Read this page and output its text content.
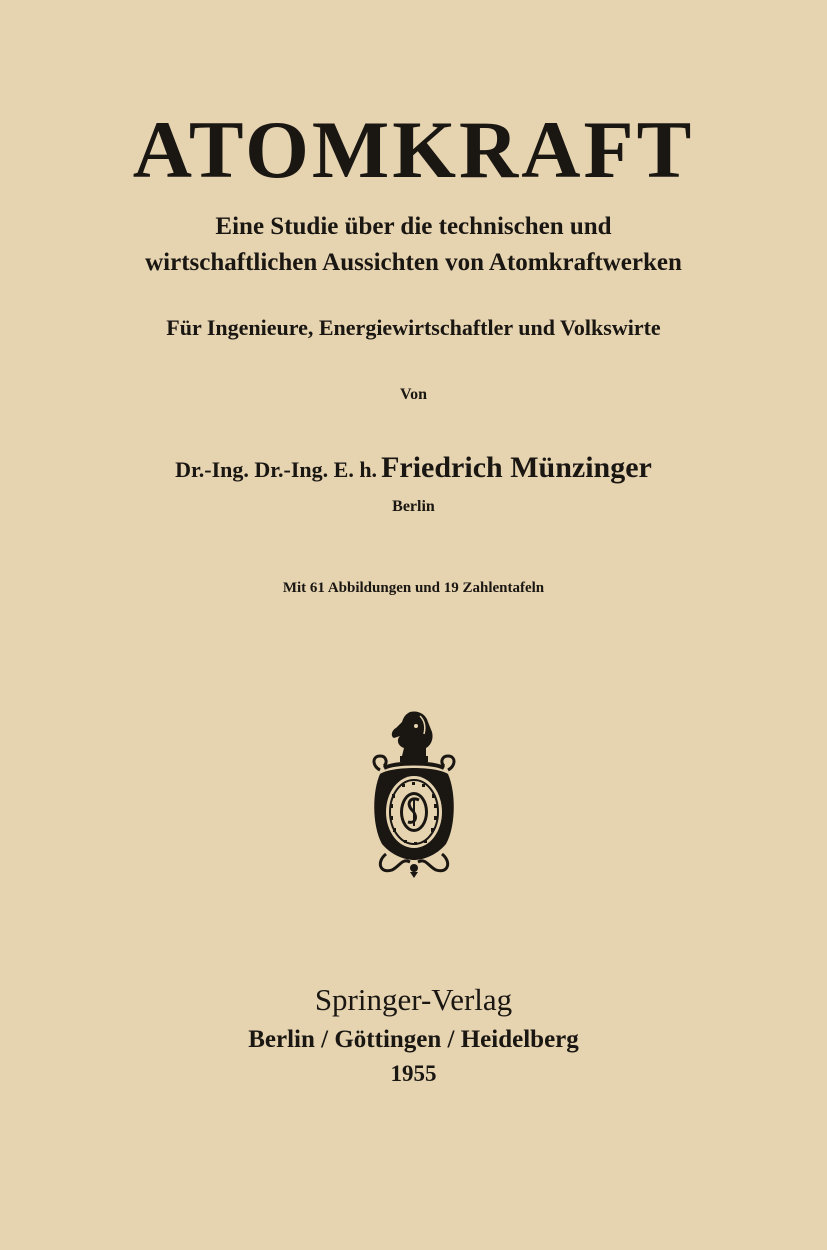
ATOMKRAFT
Eine Studie über die technischen und
wirtschaftlichen Aussichten von Atomkraftwerken
Für Ingenieure, Energiewirtschaftler und Volkswirte
Von
Dr.-Ing. Dr.-Ing. E. h. Friedrich Münzinger
Berlin
Mit 61 Abbildungen und 19 Zahlentafeln
Springer-Verlag
Berlin / Göttingen / Heidelberg
1955
